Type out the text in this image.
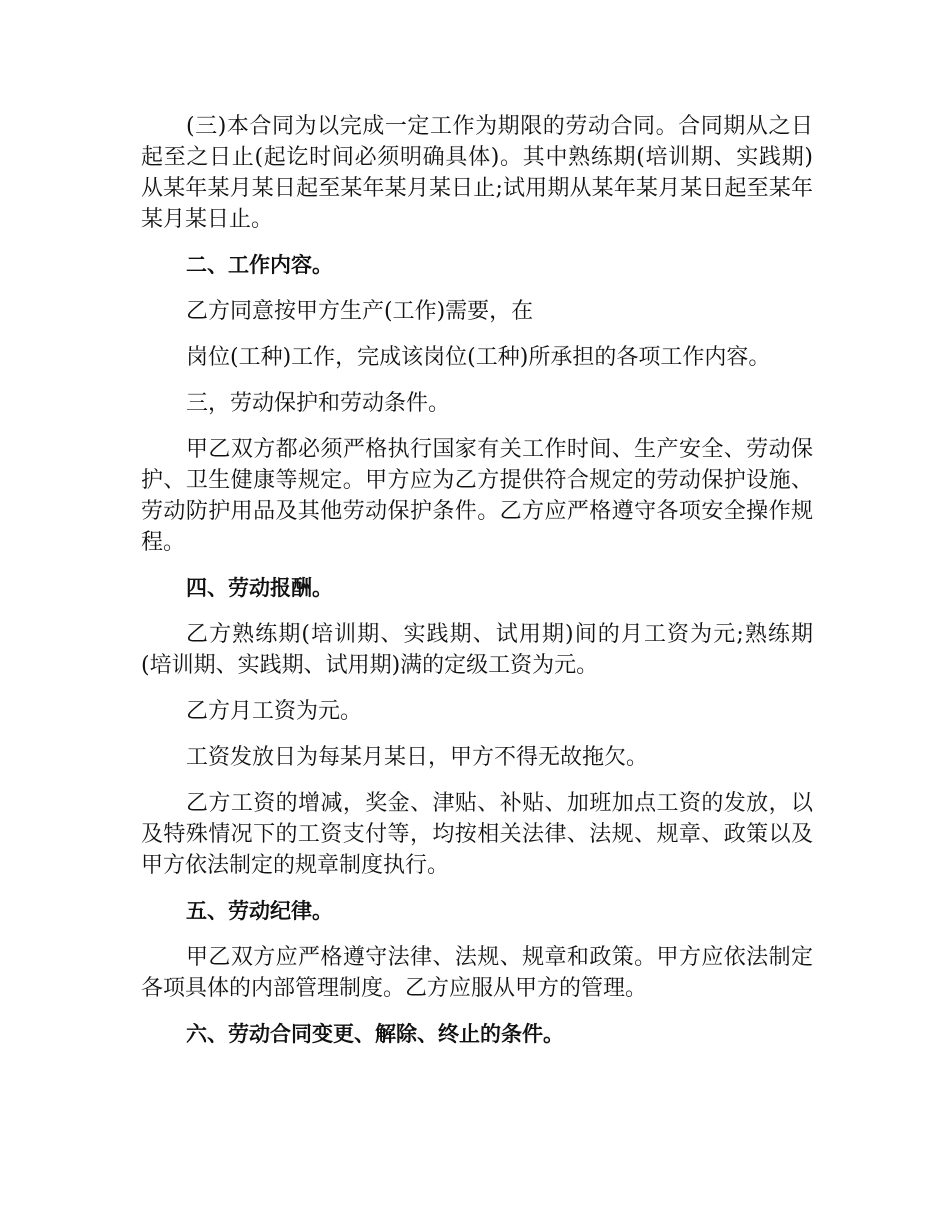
(三)本合同为以完成一定工作为期限的劳动合同。合同期从之日起至之日止(起讫时间必须明确具体)。其中熟练期(培训期、实践期)从某年某月某日起至某年某月某日止;试用期从某年某月某日起至某年某月某日止。

二、工作内容。

乙方同意按甲方生产(工作)需要，在

岗位(工种)工作，完成该岗位(工种)所承担的各项工作内容。

三，劳动保护和劳动条件。

甲乙双方都必须严格执行国家有关工作时间、生产安全、劳动保护、卫生健康等规定。甲方应为乙方提供符合规定的劳动保护设施、劳动防护用品及其他劳动保护条件。乙方应严格遵守各项安全操作规程。

四、劳动报酬。

乙方熟练期(培训期、实践期、试用期)间的月工资为元;熟练期(培训期、实践期、试用期)满的定级工资为元。

乙方月工资为元。

工资发放日为每某月某日，甲方不得无故拖欠。

乙方工资的增减，奖金、津贴、补贴、加班加点工资的发放，以及特殊情况下的工资支付等，均按相关法律、法规、规章、政策以及甲方依法制定的规章制度执行。

五、劳动纪律。

甲乙双方应严格遵守法律、法规、规章和政策。甲方应依法制定各项具体的内部管理制度。乙方应服从甲方的管理。

六、劳动合同变更、解除、终止的条件。
